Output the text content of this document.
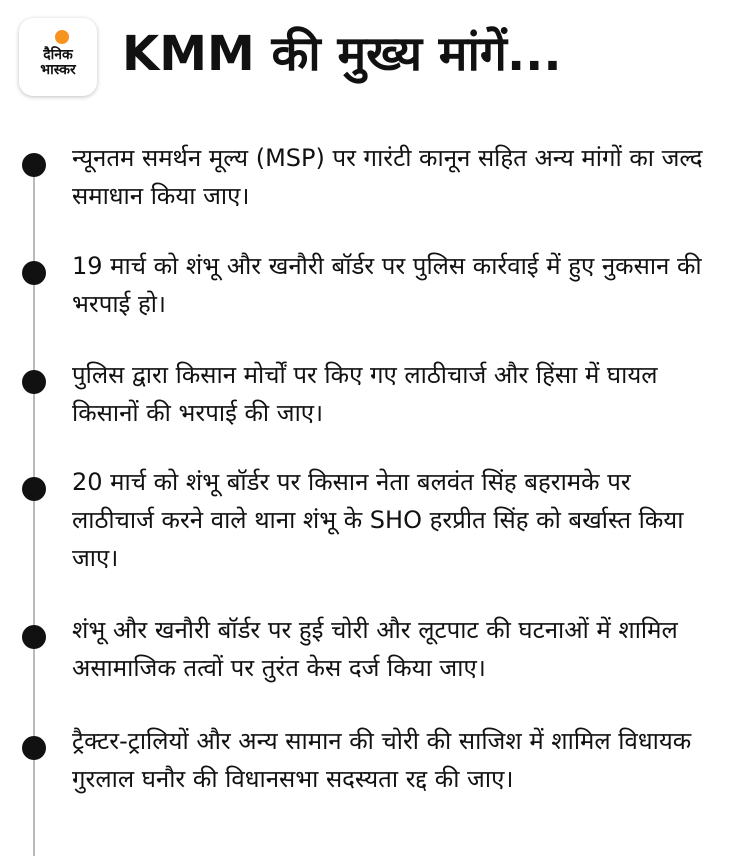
दैनिक
भास्कर KMM की मुख्य मांगें...
न्यूनतम समर्थन मूल्य (MSP) पर गारंटी कानून सहित अन्य मांगों का जल्द समाधान किया जाए।
19 मार्च को शंभू और खनौरी बॉर्डर पर पुलिस कार्रवाई में हुए नुकसान की भरपाई हो।
पुलिस द्वारा किसान मोर्चों पर किए गए लाठीचार्ज और हिंसा में घायल किसानों की भरपाई की जाए।
20 मार्च को शंभू बॉर्डर पर किसान नेता बलवंत सिंह बहरामके पर लाठीचार्ज करने वाले थाना शंभू के SHO हरप्रीत सिंह को बर्खास्त किया जाए।
शंभू और खनौरी बॉर्डर पर हुई चोरी और लूटपाट की घटनाओं में शामिल असामाजिक तत्वों पर तुरंत केस दर्ज किया जाए।
ट्रैक्टर-ट्रालियों और अन्य सामान की चोरी की साजिश में शामिल विधायक गुरलाल घनौर की विधानसभा सदस्यता रद्द की जाए।
